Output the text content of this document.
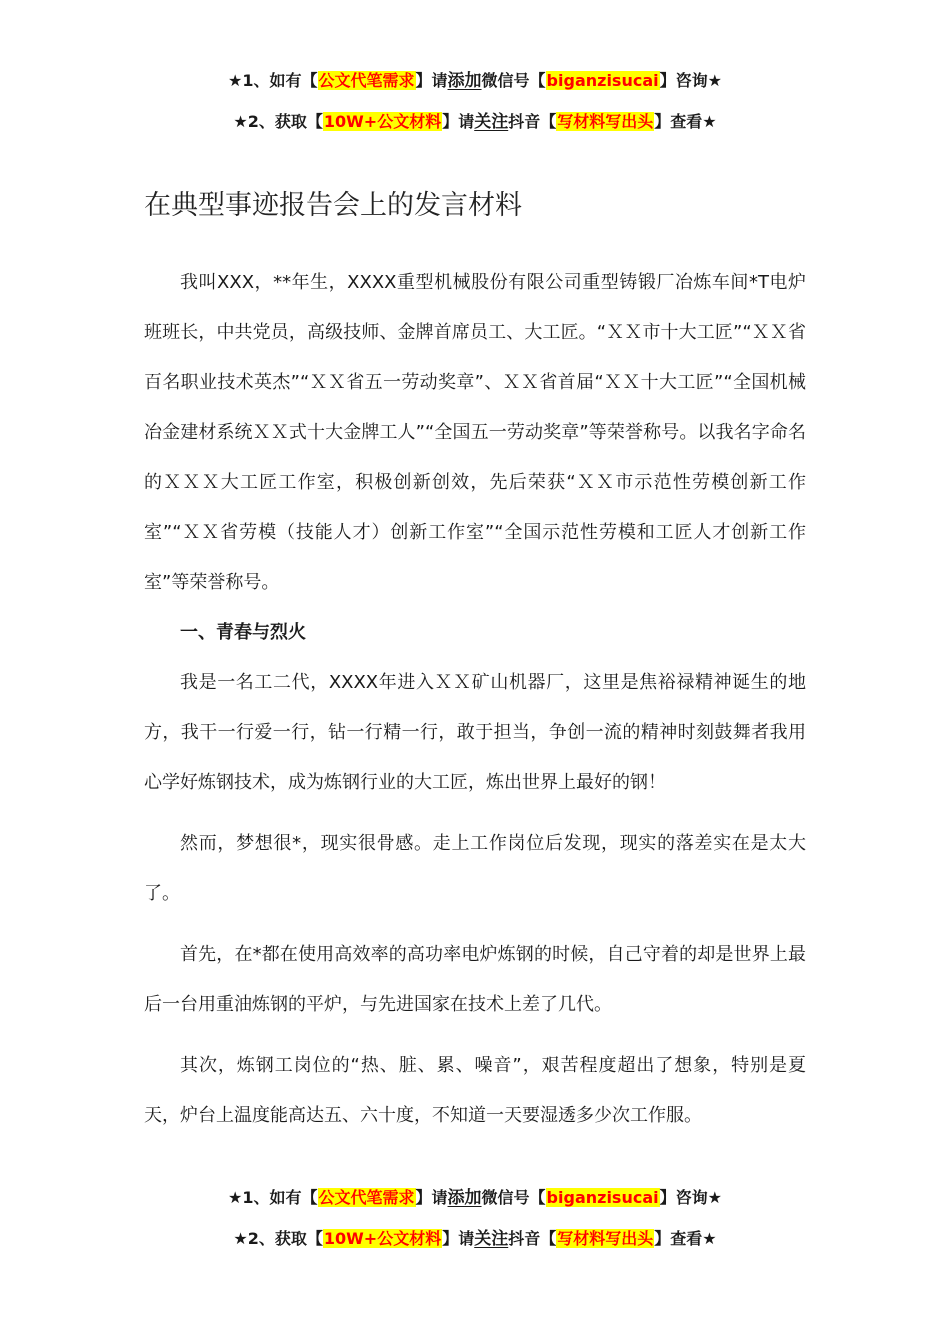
★1、如有【公文代笔需求】请添加微信号【biganzisucai】咨询★
★2、获取【10W+公文材料】请关注抖音【写材料写出头】查看★
在典型事迹报告会上的发言材料

我叫XXX，**年生，XXXX重型机械股份有限公司重型铸锻厂冶炼车间*T电炉班班长，中共党员，高级技师、金牌首席员工、大工匠。“ＸＸ市十大工匠”“ＸＸ省百名职业技术英杰”“ＸＸ省五一劳动奖章”、ＸＸ省首届“ＸＸ十大工匠”“全国机械冶金建材系统ＸＸ式十大金牌工人”“全国五一劳动奖章”等荣誉称号。以我名字命名的ＸＸＸ大工匠工作室，积极创新创效，先后荣获“ＸＸ市示范性劳模创新工作室”“ＸＸ省劳模（技能人才）创新工作室”“全国示范性劳模和工匠人才创新工作室”等荣誉称号。

一、青春与烈火

我是一名工二代，XXXX年进入ＸＸ矿山机器厂，这里是焦裕禄精神诞生的地方，我干一行爱一行，钻一行精一行，敢于担当，争创一流的精神时刻鼓舞者我用心学好炼钢技术，成为炼钢行业的大工匠，炼出世界上最好的钢！

然而，梦想很*，现实很骨感。走上工作岗位后发现，现实的落差实在是太大了。

首先，在*都在使用高效率的高功率电炉炼钢的时候，自己守着的却是世界上最后一台用重油炼钢的平炉，与先进国家在技术上差了几代。

其次，炼钢工岗位的“热、脏、累、噪音”，艰苦程度超出了想象，特别是夏天，炉台上温度能高达五、六十度，不知道一天要湿透多少次工作服。

★1、如有【公文代笔需求】请添加微信号【biganzisucai】咨询★
★2、获取【10W+公文材料】请关注抖音【写材料写出头】查看★
